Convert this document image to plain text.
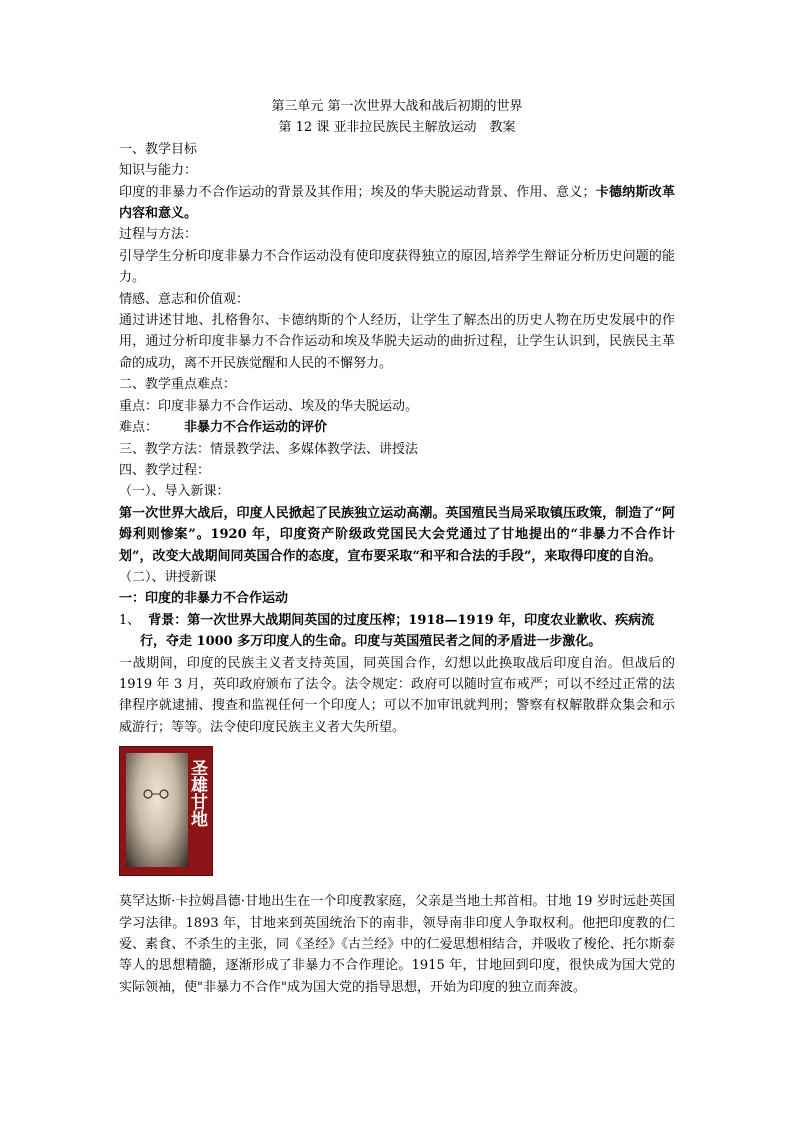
第三单元 第一次世界大战和战后初期的世界

第 12 课 亚非拉民族民主解放运动　教案

一、教学目标

知识与能力：

印度的非暴力不合作运动的背景及其作用；埃及的华夫脱运动背景、作用、意义；卡德纳斯改革内容和意义。

过程与方法：

引导学生分析印度非暴力不合作运动没有使印度获得独立的原因,培养学生辩证分析历史问题的能力。

情感、意志和价值观：

通过讲述甘地、扎格鲁尔、卡德纳斯的个人经历，让学生了解杰出的历史人物在历史发展中的作用，通过分析印度非暴力不合作运动和埃及华脱夫运动的曲折过程，让学生认识到，民族民主革命的成功，离不开民族觉醒和人民的不懈努力。

二、教学重点难点：

重点：印度非暴力不合作运动、埃及的华夫脱运动。

难点： 非暴力不合作运动的评价

三、教学方法：情景教学法、多媒体教学法、讲授法

四、教学过程：

（一）、导入新课：

第一次世界大战后，印度人民掀起了民族独立运动高潮。英国殖民当局采取镇压政策，制造了“阿姆利则惨案”。1920 年，印度资产阶级政党国民大会党通过了甘地提出的“非暴力不合作计划”，改变大战期间同英国合作的态度，宣布要采取“和平和合法的手段”，来取得印度的自治。

（二）、讲授新课

一：印度的非暴力不合作运动

1、 背景：第一次世界大战期间英国的过度压榨；1918—1919 年，印度农业歉收、疾病流行，夺走 1000 多万印度人的生命。印度与英国殖民者之间的矛盾进一步激化。

一战期间，印度的民族主义者支持英国，同英国合作，幻想以此换取战后印度自治。但战后的 1919 年 3 月，英印政府颁布了法令。法令规定：政府可以随时宣布戒严；可以不经过正常的法律程序就逮捕、搜查和监视任何一个印度人；可以不加审讯就判刑；警察有权解散群众集会和示威游行；等等。法令使印度民族主义者大失所望。

圣雄甘地

莫罕达斯·卡拉姆昌德·甘地出生在一个印度教家庭，父亲是当地土邦首相。甘地 19 岁时远赴英国学习法律。1893 年，甘地来到英国统治下的南非，领导南非印度人争取权利。他把印度教的仁爱、素食、不杀生的主张，同《圣经》《古兰经》中的仁爱思想相结合，并吸收了梭伦、托尔斯泰等人的思想精髓，逐渐形成了非暴力不合作理论。1915 年，甘地回到印度，很快成为国大党的实际领袖，使"非暴力不合作"成为国大党的指导思想，开始为印度的独立而奔波。
